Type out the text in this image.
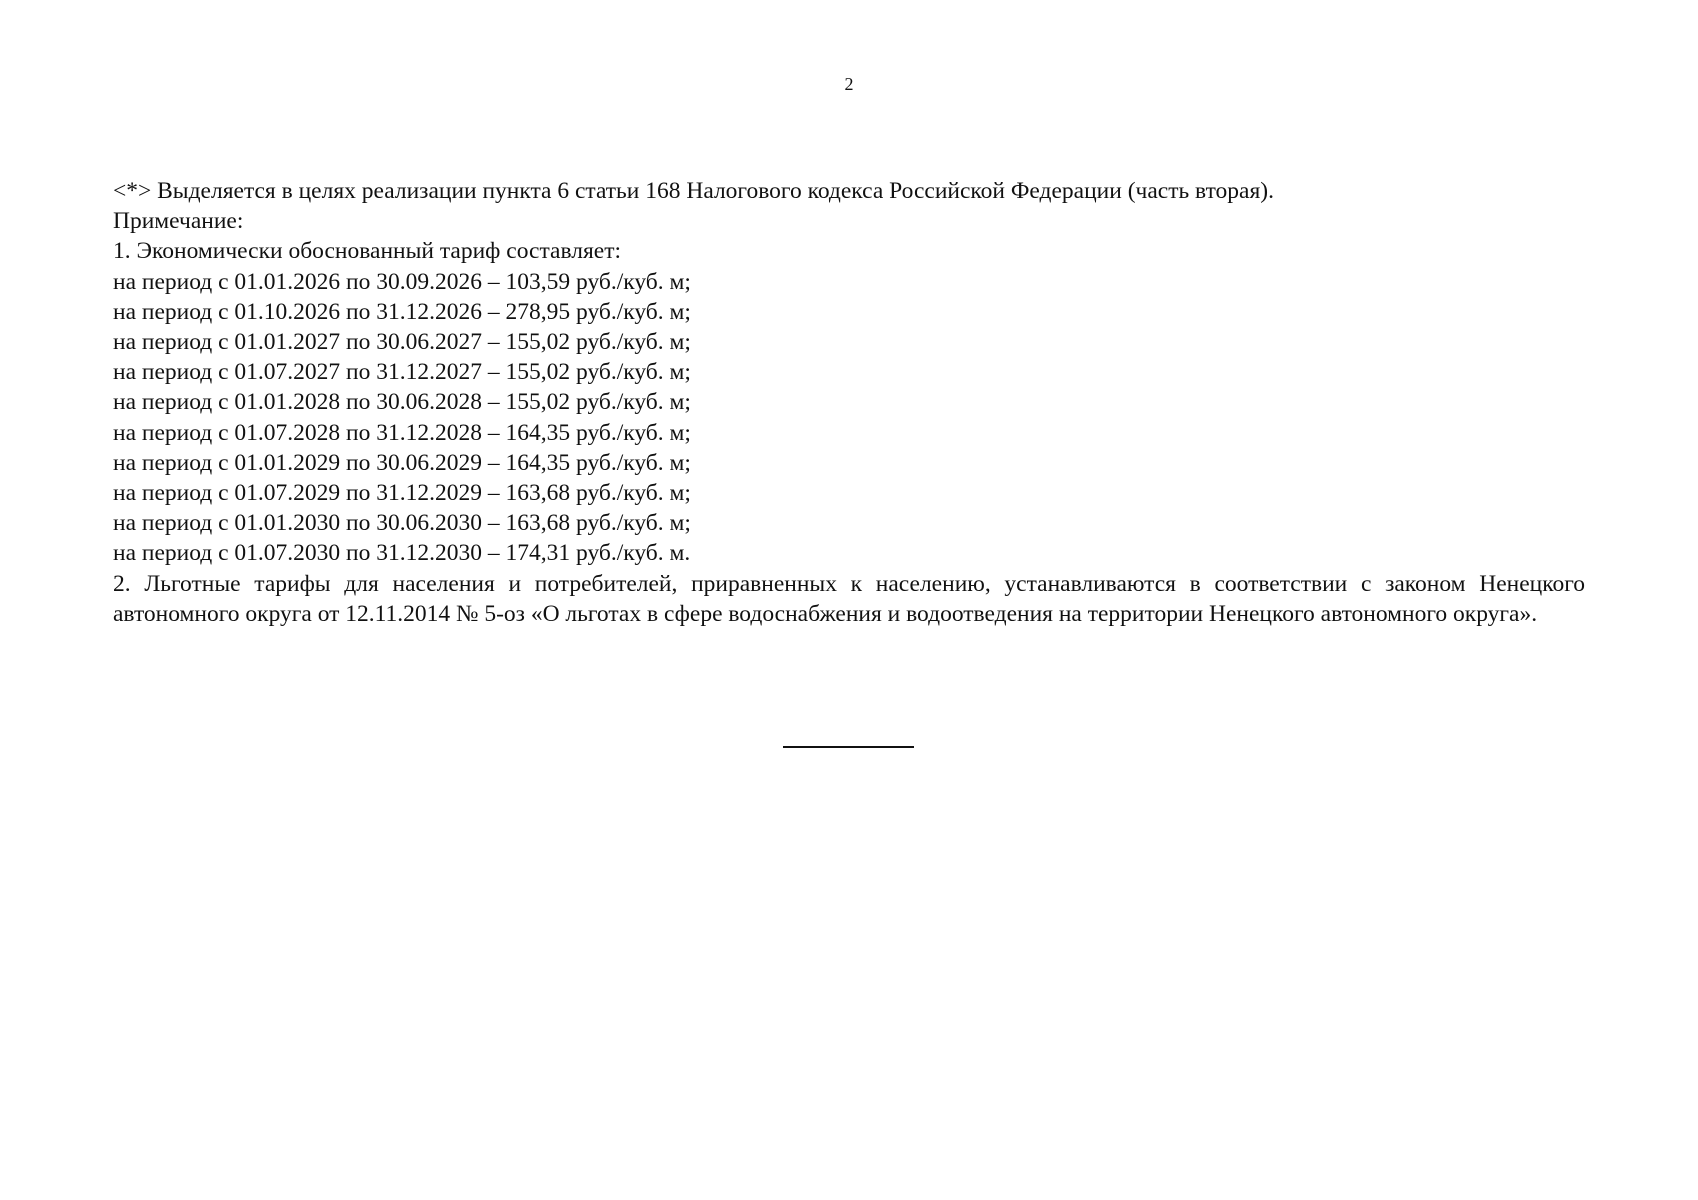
2
<*> Выделяется в целях реализации пункта 6 статьи 168 Налогового кодекса Российской Федерации (часть вторая).
Примечание:
1. Экономически обоснованный тариф составляет:
на период с 01.01.2026 по 30.09.2026 – 103,59 руб./куб. м;
на период с 01.10.2026 по 31.12.2026 – 278,95 руб./куб. м;
на период с 01.01.2027 по 30.06.2027 – 155,02 руб./куб. м;
на период с 01.07.2027 по 31.12.2027 – 155,02 руб./куб. м;
на период с 01.01.2028 по 30.06.2028 – 155,02 руб./куб. м;
на период с 01.07.2028 по 31.12.2028 – 164,35 руб./куб. м;
на период с 01.01.2029 по 30.06.2029 – 164,35 руб./куб. м;
на период с 01.07.2029 по 31.12.2029 – 163,68 руб./куб. м;
на период с 01.01.2030 по 30.06.2030 – 163,68 руб./куб. м;
на период с 01.07.2030 по 31.12.2030 – 174,31 руб./куб. м.
2. Льготные тарифы для населения и потребителей, приравненных к населению, устанавливаются в соответствии с законом Ненецкого автономного округа от 12.11.2014 № 5-оз «О льготах в сфере водоснабжения и водоотведения на территории Ненецкого автономного округа».
